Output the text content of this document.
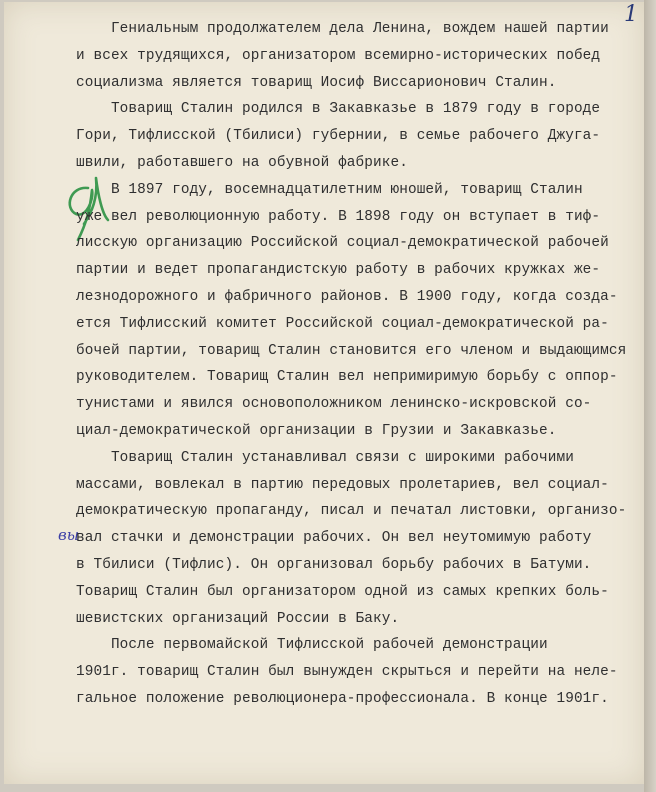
1
вы
Гениальным продолжателем дела Ленина, вождем нашей партии
и всех трудящихся, организатором всемирно-исторических побед
социализма является товарищ Иосиф Виссарионович Сталин.
Товарищ Сталин родился в Закавказье в 1879 году в городе
Гори, Тифлисской (Тбилиси) губернии, в семье рабочего Джуга-
швили, работавшего на обувной фабрике.
В 1897 году, восемнадцатилетним юношей, товарищ Сталин
уже вел революционную работу. В 1898 году он вступает в тиф-
лисскую организацию Российской социал-демократической рабочей
партии и ведет пропагандистскую работу в рабочих кружках же-
лезнодорожного и фабричного районов. В 1900 году, когда созда-
ется Тифлисский комитет Российской социал-демократической ра-
бочей партии, товарищ Сталин становится его членом и выдающимся
руководителем. Товарищ Сталин вел непримиримую борьбу с оппор-
тунистами и явился основоположником ленинско-искровской со-
циал-демократической организации в Грузии и Закавказье.
Товарищ Сталин устанавливал связи с широкими рабочими
массами, вовлекал в партию передовых пролетариев, вел социал-
демократическую пропаганду, писал и печатал листовки, организо-
вал стачки и демонстрации рабочих. Он вел неутомимую работу
в Тбилиси (Тифлис). Он организовал борьбу рабочих в Батуми.
Товарищ Сталин был организатором одной из самых крепких боль-
шевистских организаций России в Баку.
После первомайской Тифлисской рабочей демонстрации
1901г. товарищ Сталин был вынужден скрыться и перейти на неле-
гальное положение революционера-профессионала. В конце 1901г.
